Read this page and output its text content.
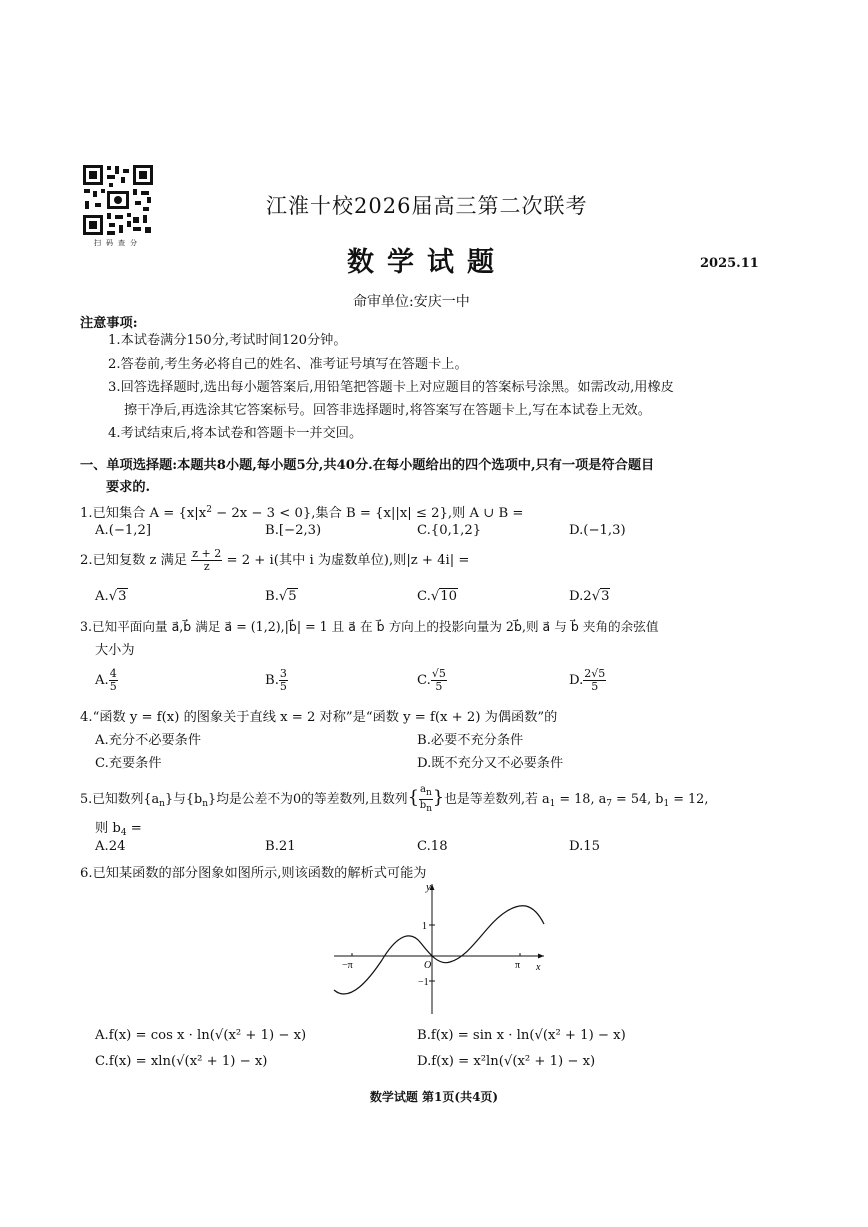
扫码查分
江淮十校2026届高三第二次联考
数学试题	2025.11
命审单位:安庆一中
注意事项:
1.本试卷满分150分,考试时间120分钟。
2.答卷前,考生务必将自己的姓名、准考证号填写在答题卡上。
3.回答选择题时,选出每小题答案后,用铅笔把答题卡上对应题目的答案标号涂黑。如需改动,用橡皮
擦干净后,再选涂其它答案标号。回答非选择题时,将答案写在答题卡上,写在本试卷上无效。
4.考试结束后,将本试卷和答题卡一并交回。
一、单项选择题:本题共8小题,每小题5分,共40分.在每小题给出的四个选项中,只有一项是符合题目
要求的.
1.已知集合 $A = \{x|x^2 - 2x - 3 < 0\}$,集合 B = {x||x| ≤ 2},则 A ∪ B =
A.(−1,2]	B.[−2,3)	C.{0,1,2}	D.(−1,3)
2.已知复数 z 满足 $\frac{z + 2}{z} = 2 + i$(其中 i 为虚数单位),则|z + 4i| =
A.√3	B.√5	C.√10	D.2√3
3.已知平面向量 a⃗,b⃗ 满足 a⃗ = (1,2),|b⃗| = 1 且 a⃗ 在 b⃗ 方向上的投影向量为 2b⃗,则 a⃗ 与 b⃗ 夹角的余弦值
大小为
A. $\frac{4}{5}$	B. $\frac{3}{5}$	C. $\frac{√5}{5}$	D. $\frac{2√5}{5}$
4.“函数 y = f(x) 的图象关于直线 x = 2 对称”是“函数 y = f(x + 2) 为偶函数”的
A.充分不必要条件	B.必要不充分条件
C.充要条件	D.既不充分又不必要条件
5.已知数列$\{a_n\}$与$\{b_n\}$均是公差不为0的等差数列,且数列{ $\frac{a_n}{b_n}$ }也是等差数列,若 $a_1 = 18$, $a_7 = 54$, $b_1 = 12$,
则 $b_4$ =
A.24	B.21	C.18	D.15
6.已知某函数的部分图象如图所示,则该函数的解析式可能为
y
x
1
−1
O
−π	π
A.f(x) = cos x · ln(√(x² + 1) − x)	B.f(x) = sin x · ln(√(x² + 1) − x)
C.f(x) = xln(√(x² + 1) − x)	D.f(x) = x²ln(√(x² + 1) − x)
数学试题 第1页(共4页)
